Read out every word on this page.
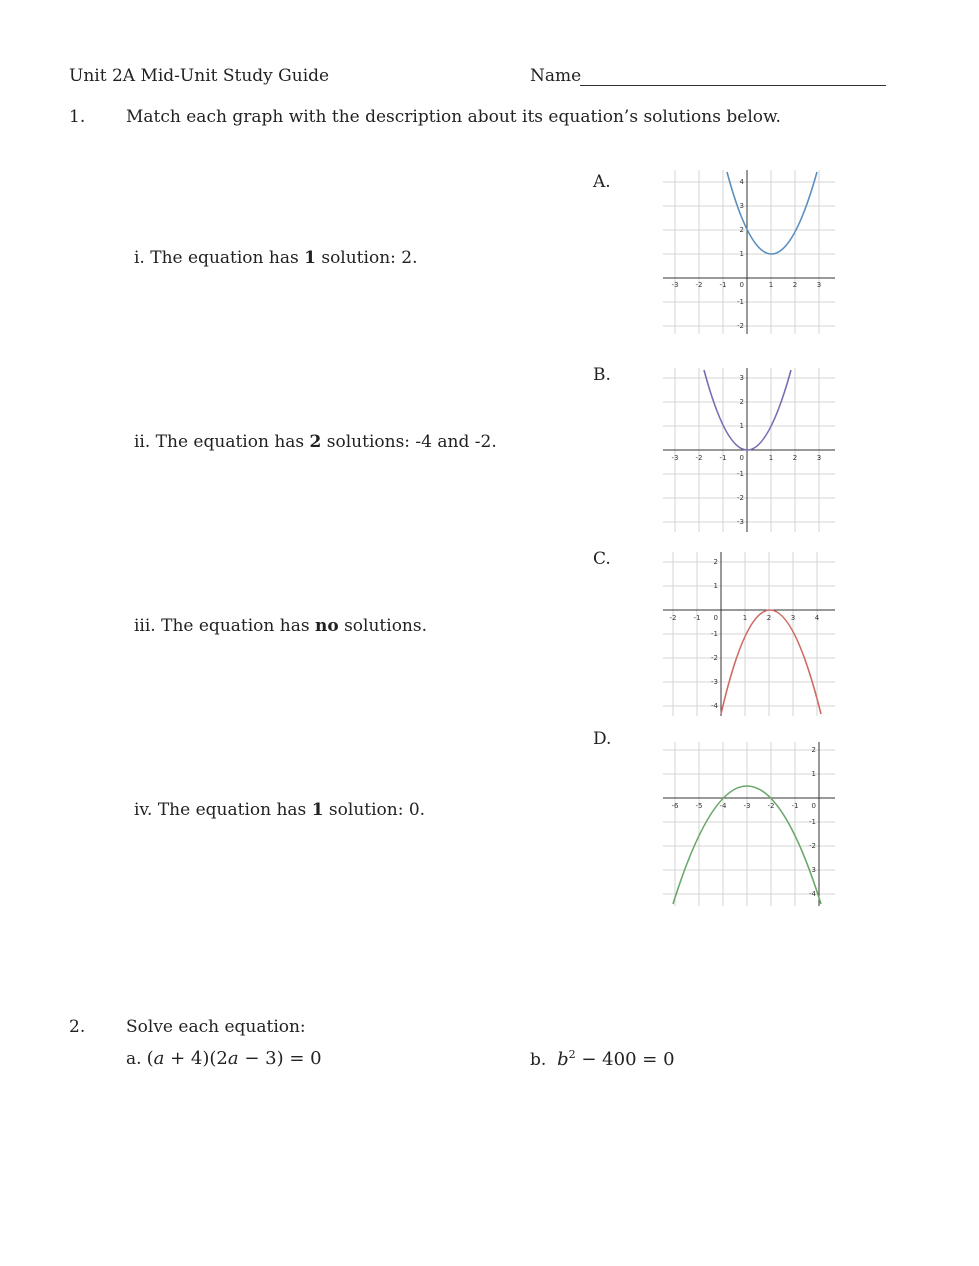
Unit 2A Mid-Unit Study Guide	Name
1. Match each graph with the description about its equation’s solutions below.
i. The equation has 1 solution: 2.
ii. The equation has 2 solutions: -4 and -2.
iii. The equation has no solutions.
iv. The equation has 1 solution: 0.
A.
B.
C.
D.
-3 -2 -1 0	1	2	3
4
3
2
1
-1
-2
-3 -2 -1 0	1	2	3
3
2
1
-1
-2
-3
-2 -1 0	1	2	3	4
2
1
-1
-2
-3
-4
-6 -5 -4 -3 -2 -1 0
2
1
-1
-2
3
-4
2. Solve each equation:
a. (a + 4)(2a − 3) = 0	b. $b^2 - 400 = 0$
